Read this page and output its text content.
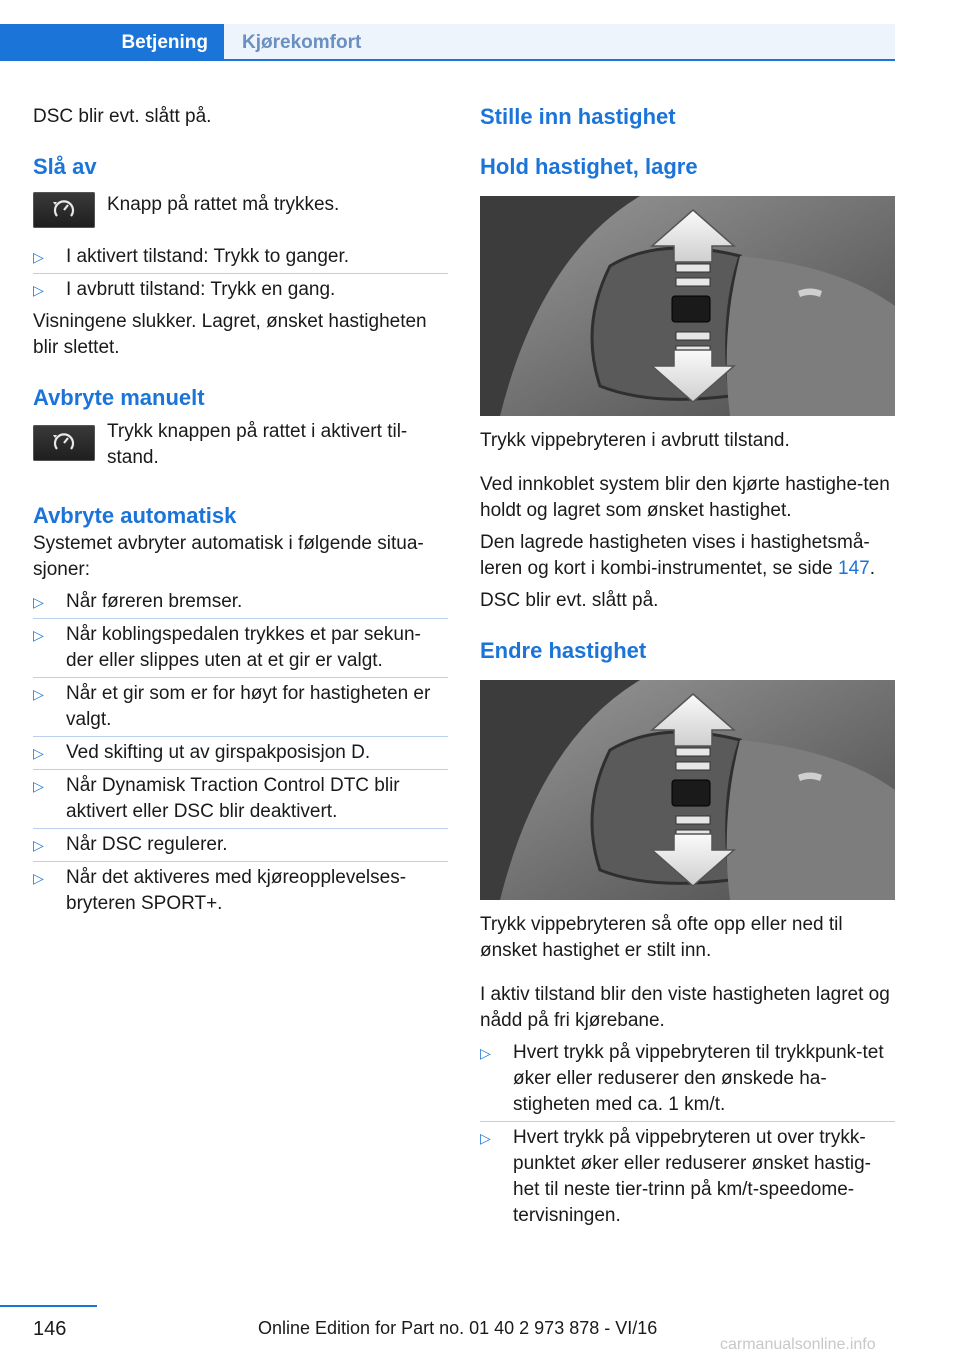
Betjening Kjørekomfort

DSC blir evt. slått på.

Slå av
Knapp på rattet må trykkes.
▷ I aktivert tilstand: Trykk to ganger.
▷ I avbrutt tilstand: Trykk en gang.

Visningene slukker. Lagret, ønsket hastigheten blir slettet.

Avbryte manuelt
Trykk knappen på rattet i aktivert til-stand.
Avbryte automatisk

Systemet avbryter automatisk i følgende situa-sjoner:

▷ Når føreren bremser.
▷ Når koblingspedalen trykkes et par sekun-der eller slippes uten at et gir er valgt.
▷ Når et gir som er for høyt for hastigheten er valgt.
▷ Ved skifting ut av girspakposisjon D.
▷ Når Dynamisk Traction Control DTC blir aktivert eller DSC blir deaktivert.
▷ Når DSC regulerer.
▷ Når det aktiveres med kjøreopplevelses-bryteren SPORT+.
Stille inn hastighet
Hold hastighet, lagre

Trykk vippebryteren i avbrutt tilstand.

Ved innkoblet system blir den kjørte hastighe-ten holdt og lagret som ønsket hastighet.

Den lagrede hastigheten vises i hastighetsmå-leren og kort i kombi-instrumentet, se side 147.

DSC blir evt. slått på.

Endre hastighet

Trykk vippebryteren så ofte opp eller ned til ønsket hastighet er stilt inn.

I aktiv tilstand blir den viste hastigheten lagret og nådd på fri kjørebane.

▷ Hvert trykk på vippebryteren til trykkpunk-tet øker eller reduserer den ønskede ha-stigheten med ca. 1 km/t.
▷ Hvert trykk på vippebryteren ut over trykk-punktet øker eller reduserer ønsket hastig-het til neste tier-trinn på km/t-speedome-tervisningen.
146	Online Edition for Part no. 01 40 2 973 878 - VI/16
carmanualsonline.info
